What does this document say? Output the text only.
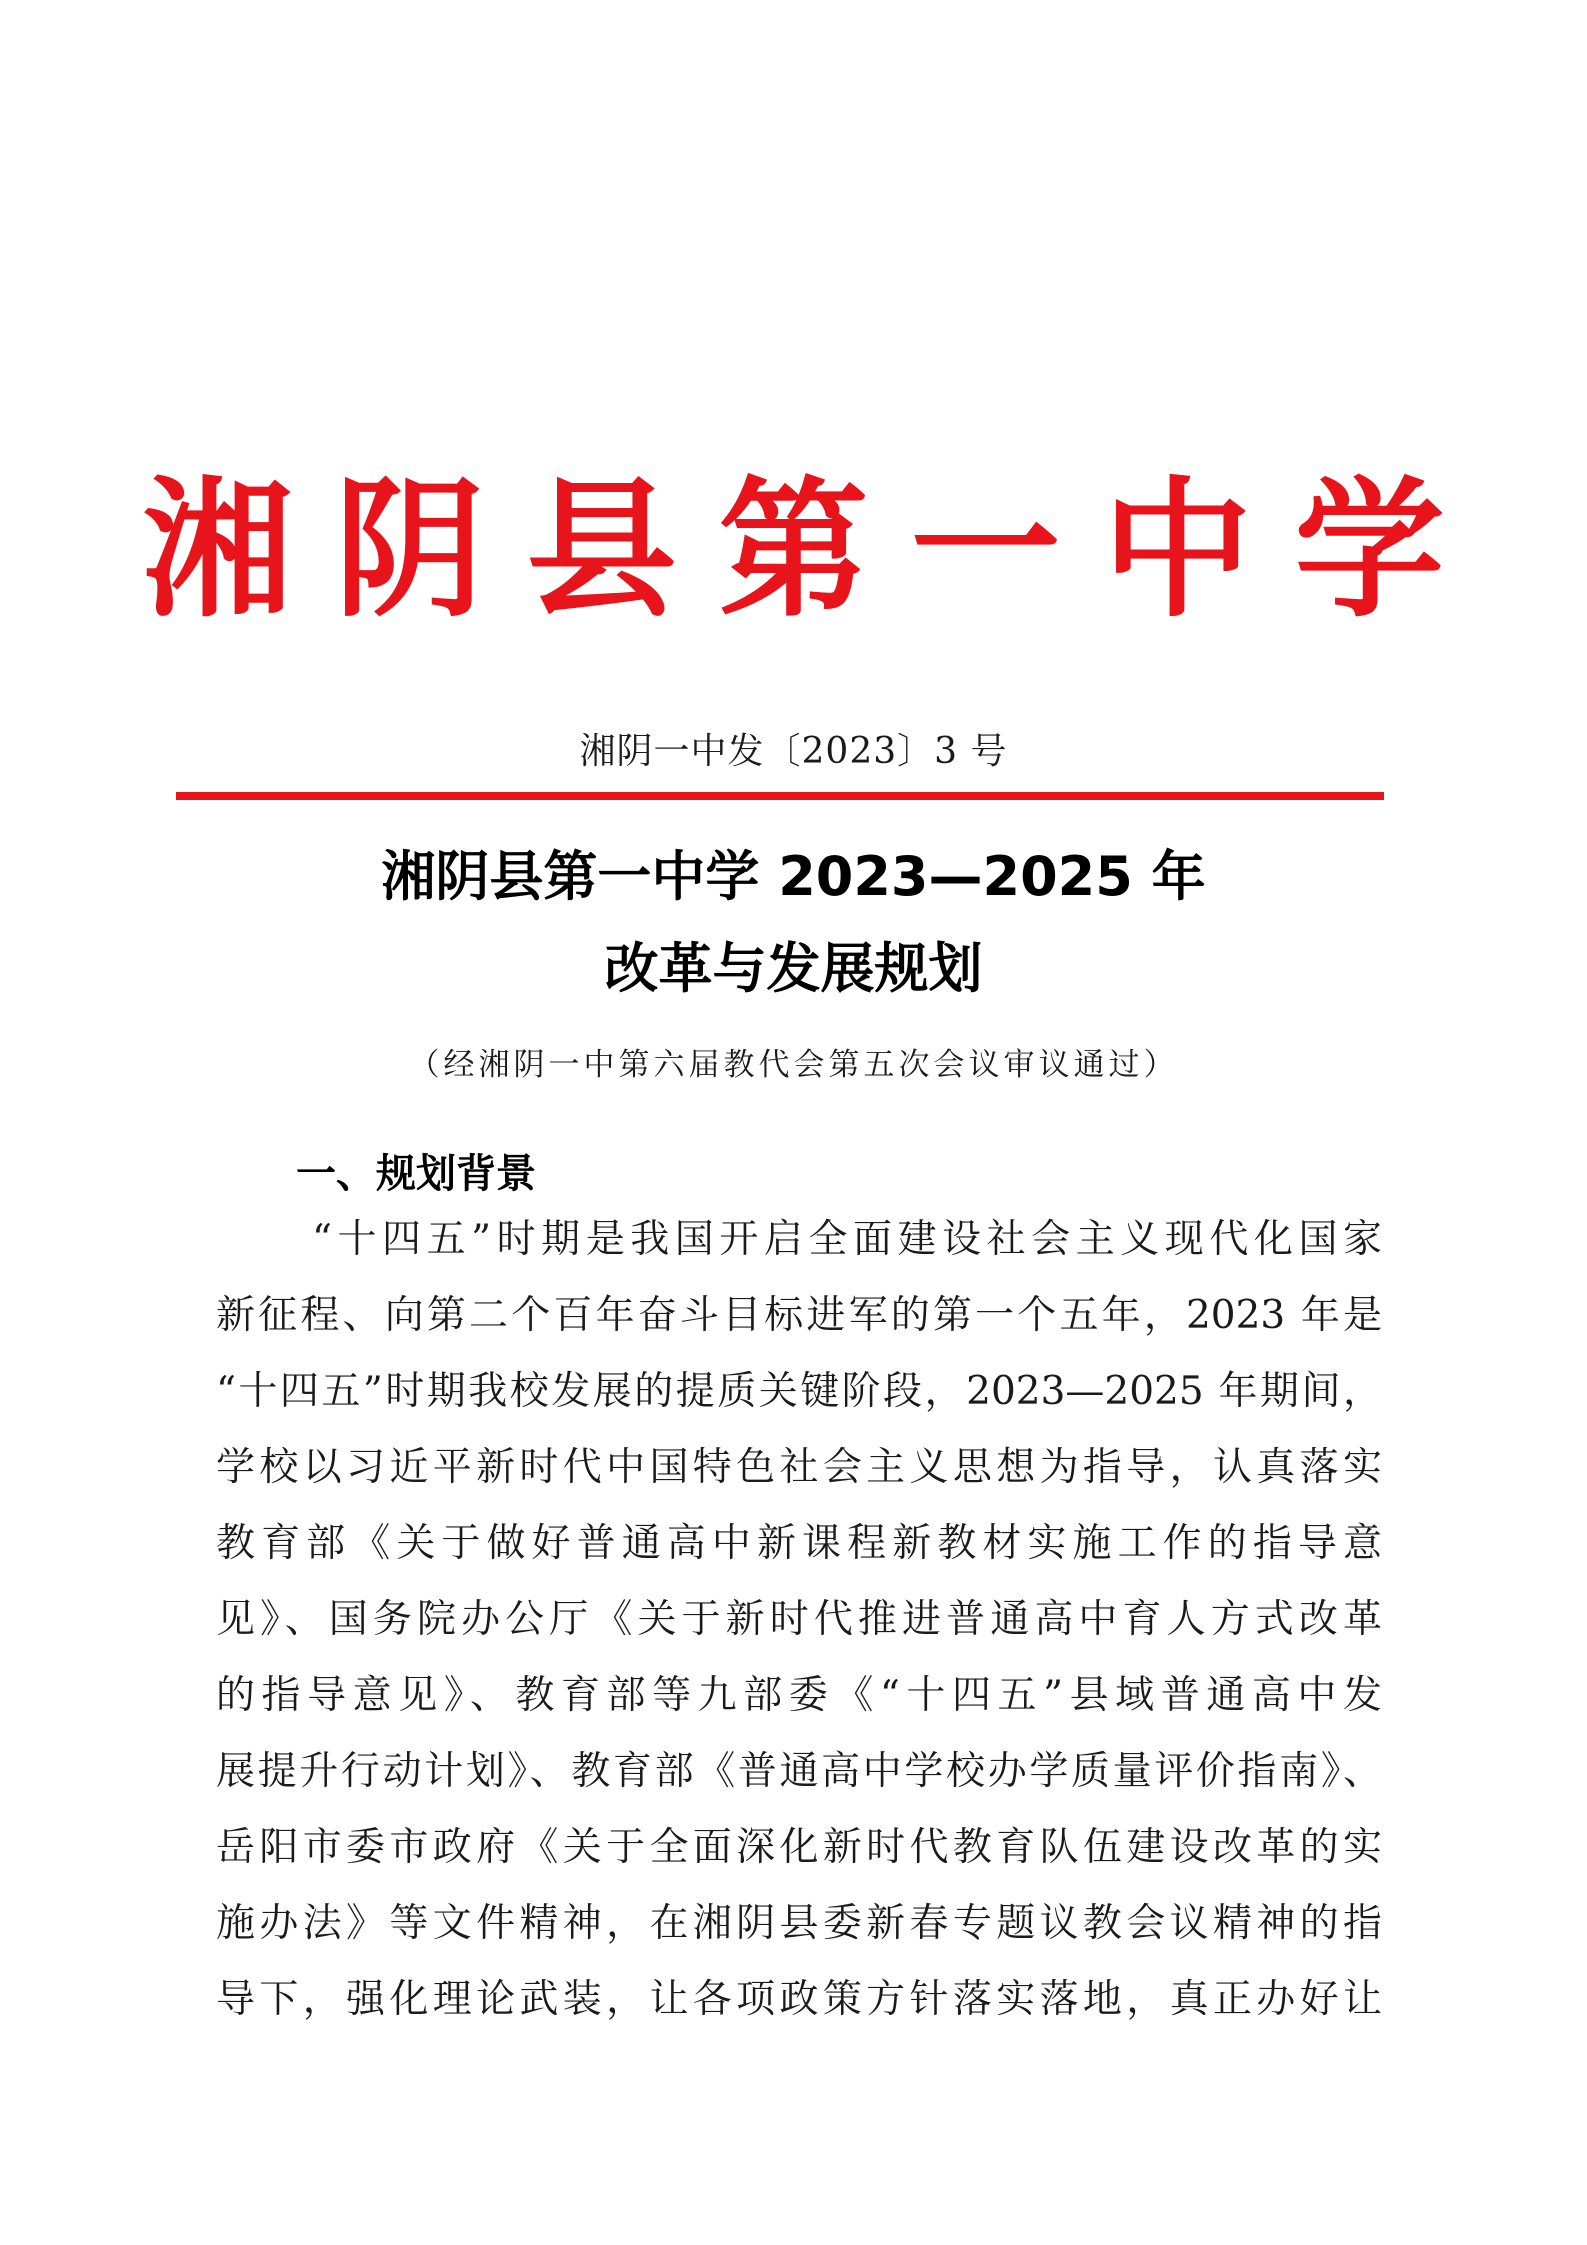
湘阴县第一中学
湘阴一中发〔2023〕3 号
湘阴县第一中学 2023—2025 年
改革与发展规划
（经湘阴一中第六届教代会第五次会议审议通过）
一、规划背景
“十四五”时期是我国开启全面建设社会主义现代化国家
新征程、向第二个百年奋斗目标进军的第一个五年，2023 年是
“十四五”时期我校发展的提质关键阶段，2023—2025 年期间，
学校以习近平新时代中国特色社会主义思想为指导，认真落实
教育部《关于做好普通高中新课程新教材实施工作的指导意
见》、国务院办公厅《关于新时代推进普通高中育人方式改革
的指导意见》、教育部等九部委《“十四五”县域普通高中发
展提升行动计划》、教育部《普通高中学校办学质量评价指南》、
岳阳市委市政府《关于全面深化新时代教育队伍建设改革的实
施办法》等文件精神，在湘阴县委新春专题议教会议精神的指
导下，强化理论武装，让各项政策方针落实落地，真正办好让
